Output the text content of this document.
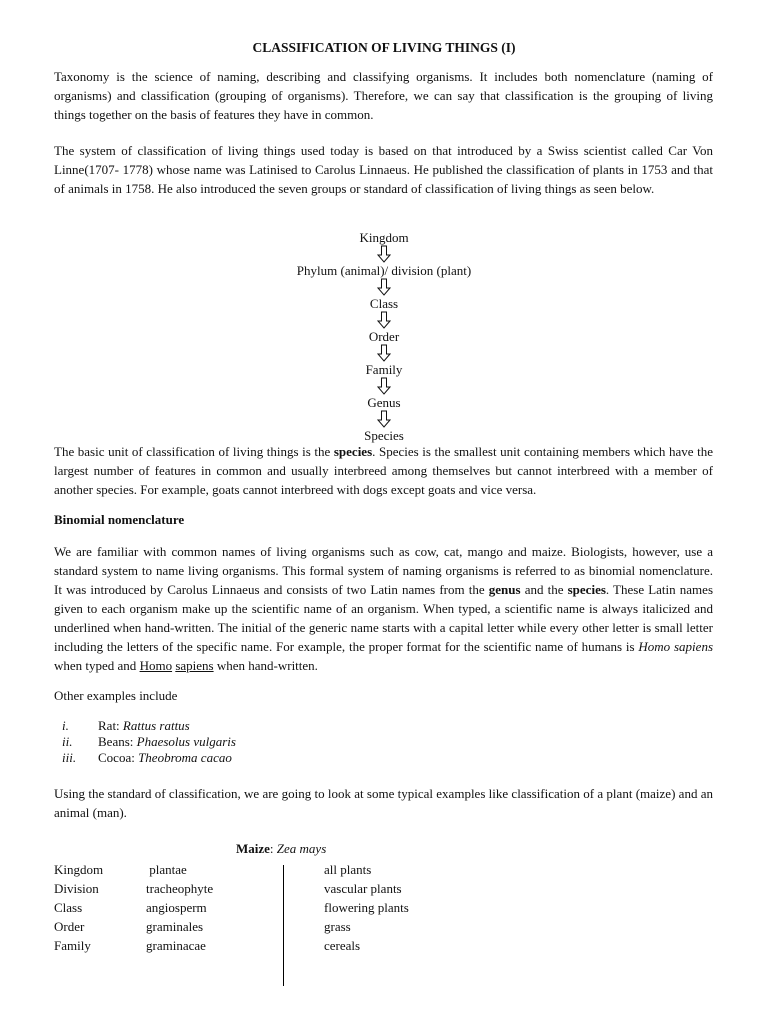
CLASSIFICATION OF LIVING THINGS (I)

Taxonomy is the science of naming, describing and classifying organisms. It includes both nomenclature (naming of organisms) and classification (grouping of organisms). Therefore, we can say that classification is the grouping of living things together on the basis of features they have in common.

The system of classification of living things used today is based on that introduced by a Swiss scientist called Car Von Linne(1707- 1778) whose name was Latinised to Carolus Linnaeus. He published the classification of plants in 1753 and that of animals in 1758. He also introduced the seven groups or standard of classification of living things as seen below.

Kingdom
Phylum (animal)/ division (plant)
Class
Order
Family
Genus
Species

The basic unit of classification of living things is the species. Species is the smallest unit containing members which have the largest number of features in common and usually interbreed among themselves but cannot interbreed with a member of another species. For example, goats cannot interbreed with dogs except goats and vice versa.

Binomial nomenclature

We are familiar with common names of living organisms such as cow, cat, mango and maize. Biologists, however, use a standard system to name living organisms. This formal system of naming organisms is referred to as binomial nomenclature. It was introduced by Carolus Linnaeus and consists of two Latin names from the genus and the species. These Latin names given to each organism make up the scientific name of an organism. When typed, a scientific name is always italicized and underlined when hand-written. The initial of the generic name starts with a capital letter while every other letter is small letter including the letters of the specific name. For example, the proper format for the scientific name of humans is Homo sapiens when typed and Homo sapiens when hand-written.

Other examples include
i.	Rat:
Rattus rattus
ii.	Beans:
Phaesolus vulgaris
iii.	Cocoa:
Theobroma cacao

Using the standard of classification, we are going to look at some typical examples like classification of a plant (maize) and an animal (man).

Maize: Zea mays
Kingdom	plantae	all plants
Division	tracheophyte	vascular plants
Class	angiosperm	flowering plants
Order	graminales	grass
Family	graminacae	cereals
